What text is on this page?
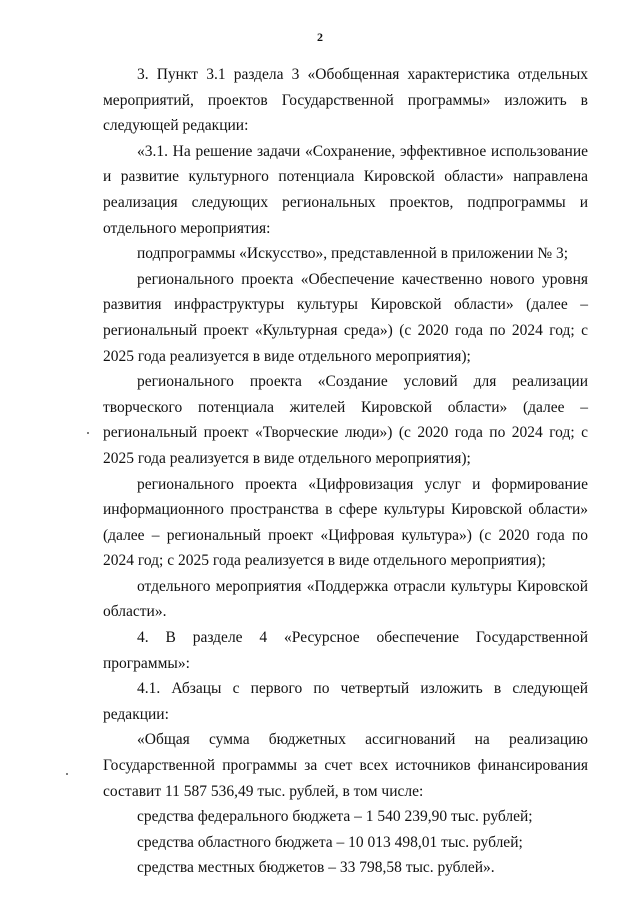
2

3. Пункт 3.1 раздела 3 «Обобщенная характеристика отдельных мероприятий, проектов Государственной программы» изложить в следующей редакции:

«3.1. На решение задачи «Сохранение, эффективное использование и развитие культурного потенциала Кировской области» направлена реализация следующих региональных проектов, подпрограммы и отдельного мероприятия:

подпрограммы «Искусство», представленной в приложении № 3;

регионального проекта «Обеспечение качественно нового уровня развития инфраструктуры культуры Кировской области» (далее – региональный проект «Культурная среда») (с 2020 года по 2024 год; с 2025 года реализуется в виде отдельного мероприятия);

регионального проекта «Создание условий для реализации творческого потенциала жителей Кировской области» (далее – региональный проект «Творческие люди») (с 2020 года по 2024 год; с 2025 года реализуется в виде отдельного мероприятия);

регионального проекта «Цифровизация услуг и формирование информационного пространства в сфере культуры Кировской области» (далее – региональный проект «Цифровая культура») (с 2020 года по 2024 год; с 2025 года реализуется в виде отдельного мероприятия);

отдельного мероприятия «Поддержка отрасли культуры Кировской области».

4. В разделе 4 «Ресурсное обеспечение Государственной программы»:

4.1. Абзацы с первого по четвертый изложить в следующей редакции:

«Общая сумма бюджетных ассигнований на реализацию Государственной программы за счет всех источников финансирования составит 11 587 536,49 тыс. рублей, в том числе:

средства федерального бюджета – 1 540 239,90 тыс. рублей;

средства областного бюджета – 10 013 498,01 тыс. рублей;

средства местных бюджетов – 33 798,58 тыс. рублей».
